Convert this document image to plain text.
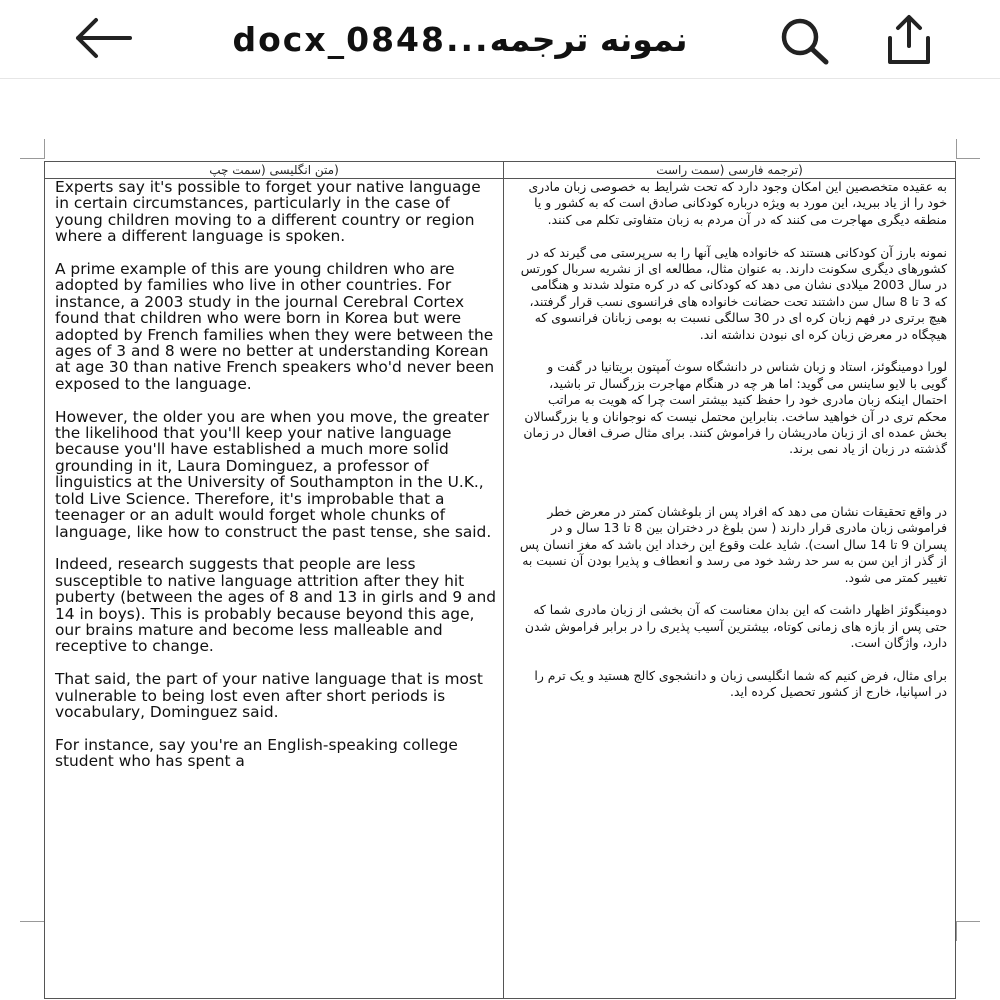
docx_0848...نمونه ترجمه
(متن انگلیسی (سمت چپ	(ترجمه فارسی (سمت راست

Experts say it's possible to forget your native language in certain circumstances, particularly in the case of young children moving to a different country or region where a different language is spoken.

A prime example of this are young children who are adopted by families who live in other countries. For instance, a 2003 study in the journal Cerebral Cortex found that children who were born in Korea but were adopted by French families when they were between the ages of 3 and 8 were no better at understanding Korean at age 30 than native French speakers who'd never been exposed to the language.

However, the older you are when you move, the greater the likelihood that you'll keep your native language because you'll have established a much more solid grounding in it, Laura Dominguez, a professor of linguistics at the University of Southampton in the U.K., told Live Science. Therefore, it's improbable that a teenager or an adult would forget whole chunks of language, like how to construct the past tense, she said.

Indeed, research suggests that people are less susceptible to native language attrition after they hit puberty (between the ages of 8 and 13 in girls and 9 and 14 in boys). This is probably because beyond this age, our brains mature and become less malleable and receptive to change.

That said, the part of your native language that is most vulnerable to being lost even after short periods is vocabulary, Dominguez said.

For instance, say you're an English-speaking college student who has spent a

به عقیده متخصصین این امکان وجود دارد که تحت شرایط به خصوصی زبان مادری خود را از یاد ببرید، این مورد به ویژه درباره کودکانی صادق است که به کشور و یا منطقه دیگری مهاجرت می کنند که در آن مردم به زبان متفاوتی تکلم می کنند.

نمونه بارز آن کودکانی هستند که خانواده هایی آنها را به سرپرستی می گیرند که در کشورهای دیگری سکونت دارند. به عنوان مثال، مطالعه ای از نشریه سربال کورتس در سال 2003 میلادی نشان می دهد که کودکانی که در کره متولد شدند و هنگامی که 3 تا 8 سال سن داشتند تحت حضانت خانواده های فرانسوی نسب قرار گرفتند، هیچ برتری در فهم زبان کره ای در 30 سالگی نسبت به بومی زبانان فرانسوی که هیچگاه در معرض زبان کره ای نبودن نداشته اند.

لورا دومینگوئز، استاد و زبان شناس در دانشگاه سوث آمپتون بریتانیا در گفت و گویی با لایو ساینس می گوید: اما هر چه در هنگام مهاجرت بزرگسال تر باشید، احتمال اینکه زبان مادری خود را حفظ کنید بیشتر است چرا که هویت به مراتب محکم تری در آن خواهید ساخت. بنابراین محتمل نیست که نوجوانان و یا بزرگسالان بخش عمده ای از زبان مادریشان را فراموش کنند. برای مثال صرف افعال در زمان گذشته در زبان از یاد نمی برند.

در واقع تحقیقات نشان می دهد که افراد پس از بلوغشان کمتر در معرض خطر فراموشی زبان مادری قرار دارند ( سن بلوغ در دختران بین 8 تا 13 سال و در پسران 9 تا 14 سال است). شاید علت وقوع این رخداد این باشد که مغز انسان پس از گذر از این سن به سر حد رشد خود می رسد و انعطاف و پذیرا بودن آن نسبت به تغییر کمتر می شود.

دومینگوئز اظهار داشت که این بدان معناست که آن بخشی از زبان مادری شما که حتی پس از بازه های زمانی کوتاه، بیشترین آسیب پذیری را در برابر فراموش شدن دارد، واژگان است.

برای مثال، فرض کنیم که شما انگلیسی زبان و دانشجوی کالج هستید و یک ترم را در اسپانیا، خارج از کشور تحصیل کرده اید.
